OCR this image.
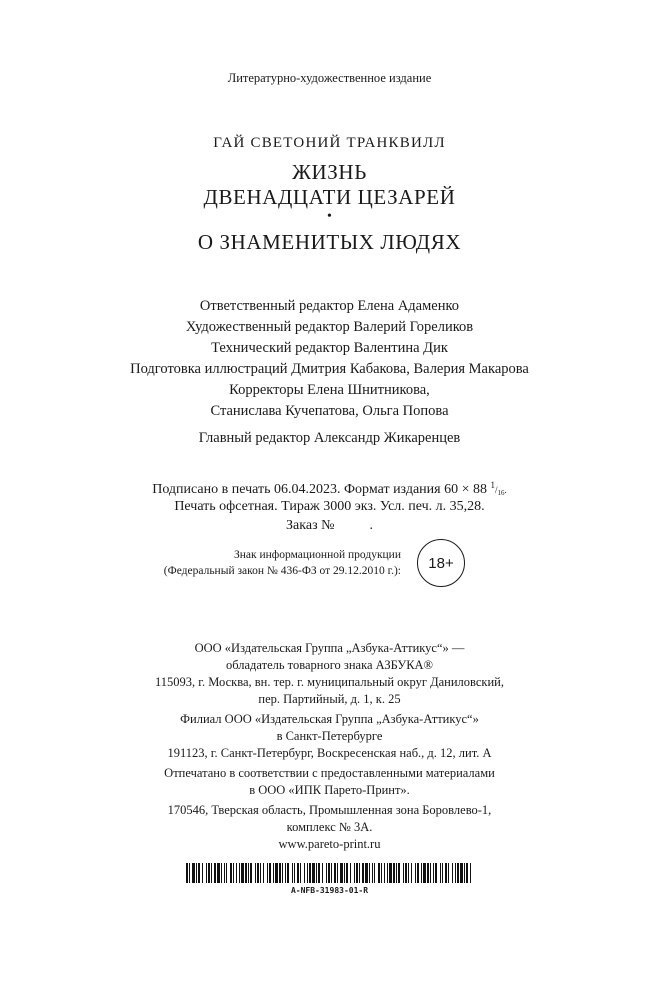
Литературно-художественное издание
ГАЙ СВЕТОНИЙ ТРАНКВИЛЛ
ЖИЗНЬ
ДВЕНАДЦАТИ ЦЕЗАРЕЙ
•
О ЗНАМЕНИТЫХ ЛЮДЯХ
Ответственный редактор Елена Адаменко
Художественный редактор Валерий Гореликов
Технический редактор Валентина Дик
Подготовка иллюстраций Дмитрия Кабакова, Валерия Макарова
Корректоры Елена Шнитникова,
Станислава Кучепатова, Ольга Попова
Главный редактор Александр Жикаренцев
Подписано в печать 06.04.2023. Формат издания 60 × 88 $^1/_{16}$.
Печать офсетная. Тираж 3000 экз. Усл. печ. л. 35,28.
Заказ №          .
Знак информационной продукции
(Федеральный закон № 436-ФЗ от 29.12.2010 г.):	18+
ООО «Издательская Группа „Азбука-Аттикус“» —
обладатель товарного знака АЗБУКА®
115093, г. Москва, вн. тер. г. муниципальный округ Даниловский,
пер. Партийный, д. 1, к. 25
Филиал ООО «Издательская Группа „Азбука-Аттикус“»
в Санкт-Петербурге
191123, г. Санкт-Петербург, Воскресенская наб., д. 12, лит. А
Отпечатано в соответствии с предоставленными материалами
в ООО «ИПК Парето-Принт».
170546, Тверская область, Промышленная зона Боровлево-1,
комплекс № 3А.
www.pareto-print.ru
A-NFB-31983-01-R
